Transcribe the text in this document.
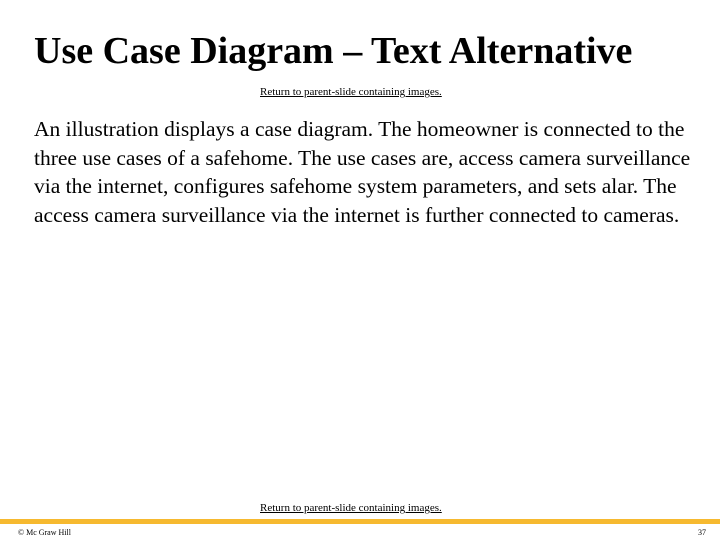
Use Case Diagram – Text Alternative
Return to parent-slide containing images.

An illustration displays a case diagram. The homeowner is connected to the three use cases of a safehome. The use cases are, access camera surveillance via the internet, configures safehome system parameters, and sets alar. The access camera surveillance via the internet is further connected to cameras.

Return to parent-slide containing images.
© Mc Graw Hill	37
